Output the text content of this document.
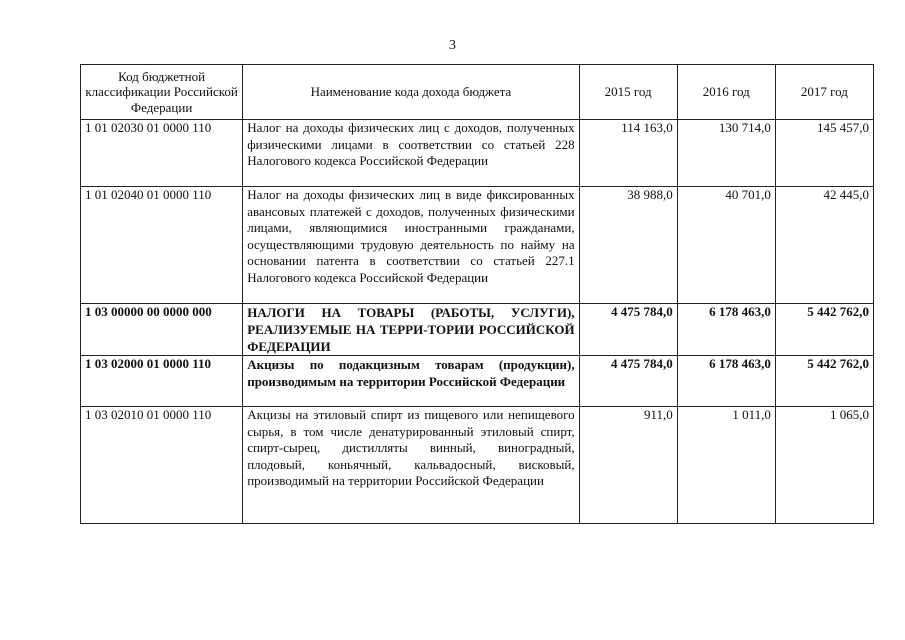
3
Код бюджетной классификации Российской Федерации	Наименование кода дохода бюджета	2015 год	2016 год	2017 год
1 01 02030 01 0000 110	Налог на доходы физических лиц с доходов, полученных физическими лицами в соответствии со статьей 228 Налогового кодекса Российской Федерации	114 163,0	130 714,0	145 457,0
1 01 02040 01 0000 110	Налог на доходы физических лиц в виде фиксированных авансовых платежей с доходов, полученных физическими лицами, являющимися иностранными гражданами, осуществляющими трудовую деятельность по найму на основании патента в соответствии со статьей 227.1 Налогового кодекса Российской Федерации	38 988,0	40 701,0	42 445,0
1 03 00000 00 0000 000	НАЛОГИ НА ТОВАРЫ (РАБОТЫ, УСЛУГИ), РЕАЛИЗУЕМЫЕ НА ТЕРРИ-ТОРИИ РОССИЙСКОЙ ФЕДЕРАЦИИ	4 475 784,0	6 178 463,0	5 442 762,0
1 03 02000 01 0000 110	Акцизы по подакцизным товарам (продукции), производимым на территории Российской Федерации	4 475 784,0	6 178 463,0	5 442 762,0
1 03 02010 01 0000 110	Акцизы на этиловый спирт из пищевого или непищевого сырья, в том числе денатурированный этиловый спирт, спирт-сырец, дистилляты винный, виноградный, плодовый, коньячный, кальвадосный, висковый, производимый на территории Российской Федерации	911,0	1 011,0	1 065,0
